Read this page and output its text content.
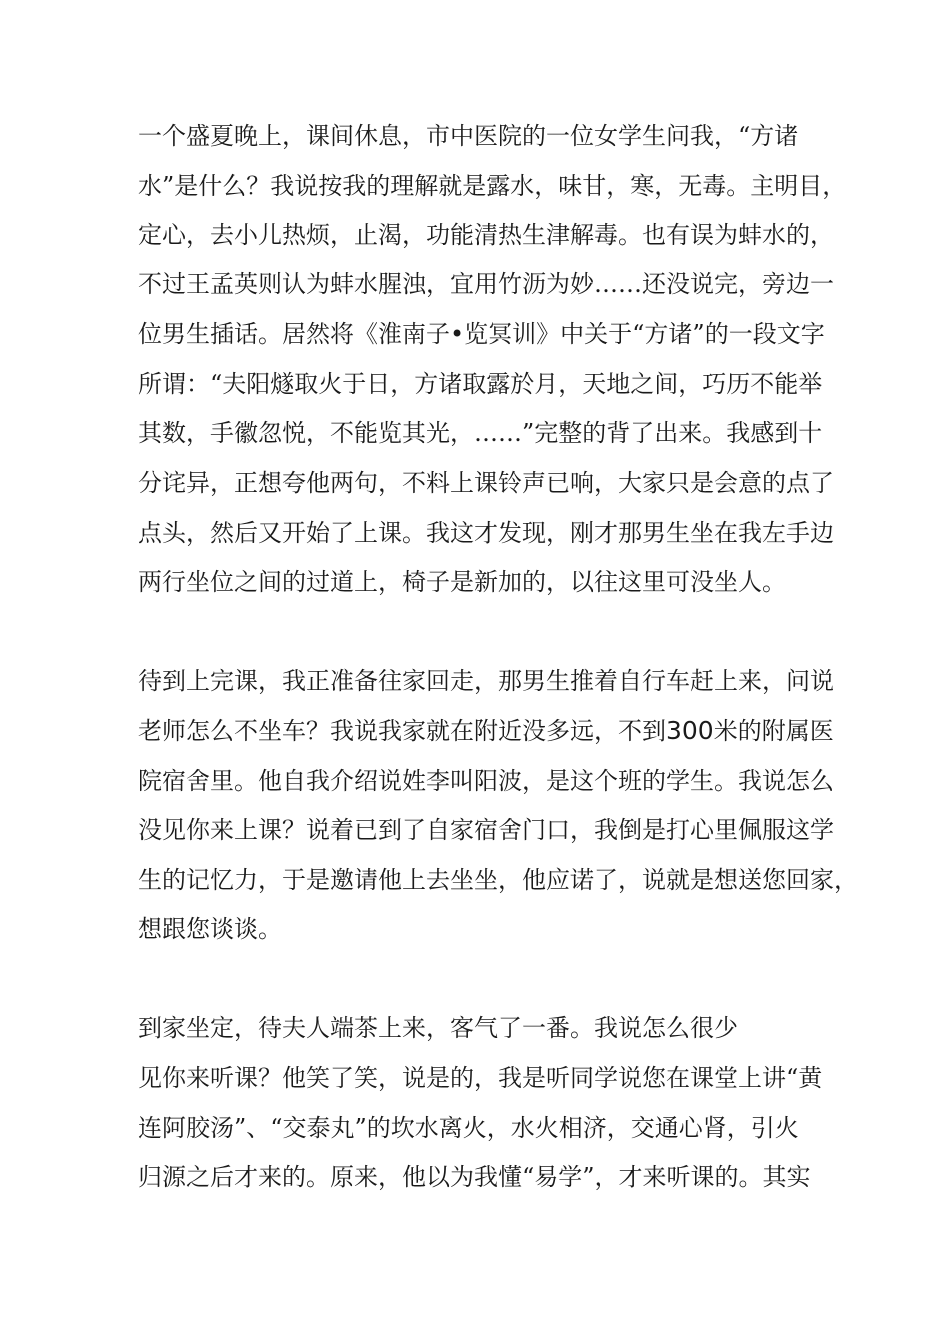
一个盛夏晚上，课间休息，市中医院的一位女学生问我，“方诸
水”是什么？我说按我的理解就是露水，味甘，寒，无毒。主明目，
定心，去小儿热烦，止渴，功能清热生津解毒。也有误为蚌水的，
不过王孟英则认为蚌水腥浊，宜用竹沥为妙……还没说完，旁边一
位男生插话。居然将《淮南子•览冥训》中关于“方诸”的一段文字
所谓：“夫阳燧取火于日，方诸取露於月，天地之间，巧历不能举
其数，手徽忽悦，不能览其光，……”完整的背了出来。我感到十
分诧异，正想夸他两句，不料上课铃声已响，大家只是会意的点了
点头，然后又开始了上课。我这才发现，刚才那男生坐在我左手边
两行坐位之间的过道上，椅子是新加的，以往这里可没坐人。
待到上完课，我正准备往家回走，那男生推着自行车赶上来，问说
老师怎么不坐车？我说我家就在附近没多远，不到300米的附属医
院宿舍里。他自我介绍说姓李叫阳波，是这个班的学生。我说怎么
没见你来上课？说着已到了自家宿舍门口，我倒是打心里佩服这学
生的记忆力，于是邀请他上去坐坐，他应诺了，说就是想送您回家，
想跟您谈谈。
到家坐定，待夫人端茶上来，客气了一番。我说怎么很少
见你来听课？他笑了笑，说是的，我是听同学说您在课堂上讲“黄
连阿胶汤”、“交泰丸”的坎水离火，水火相济，交通心肾，引火
归源之后才来的。原来，他以为我懂“易学”，才来听课的。其实
